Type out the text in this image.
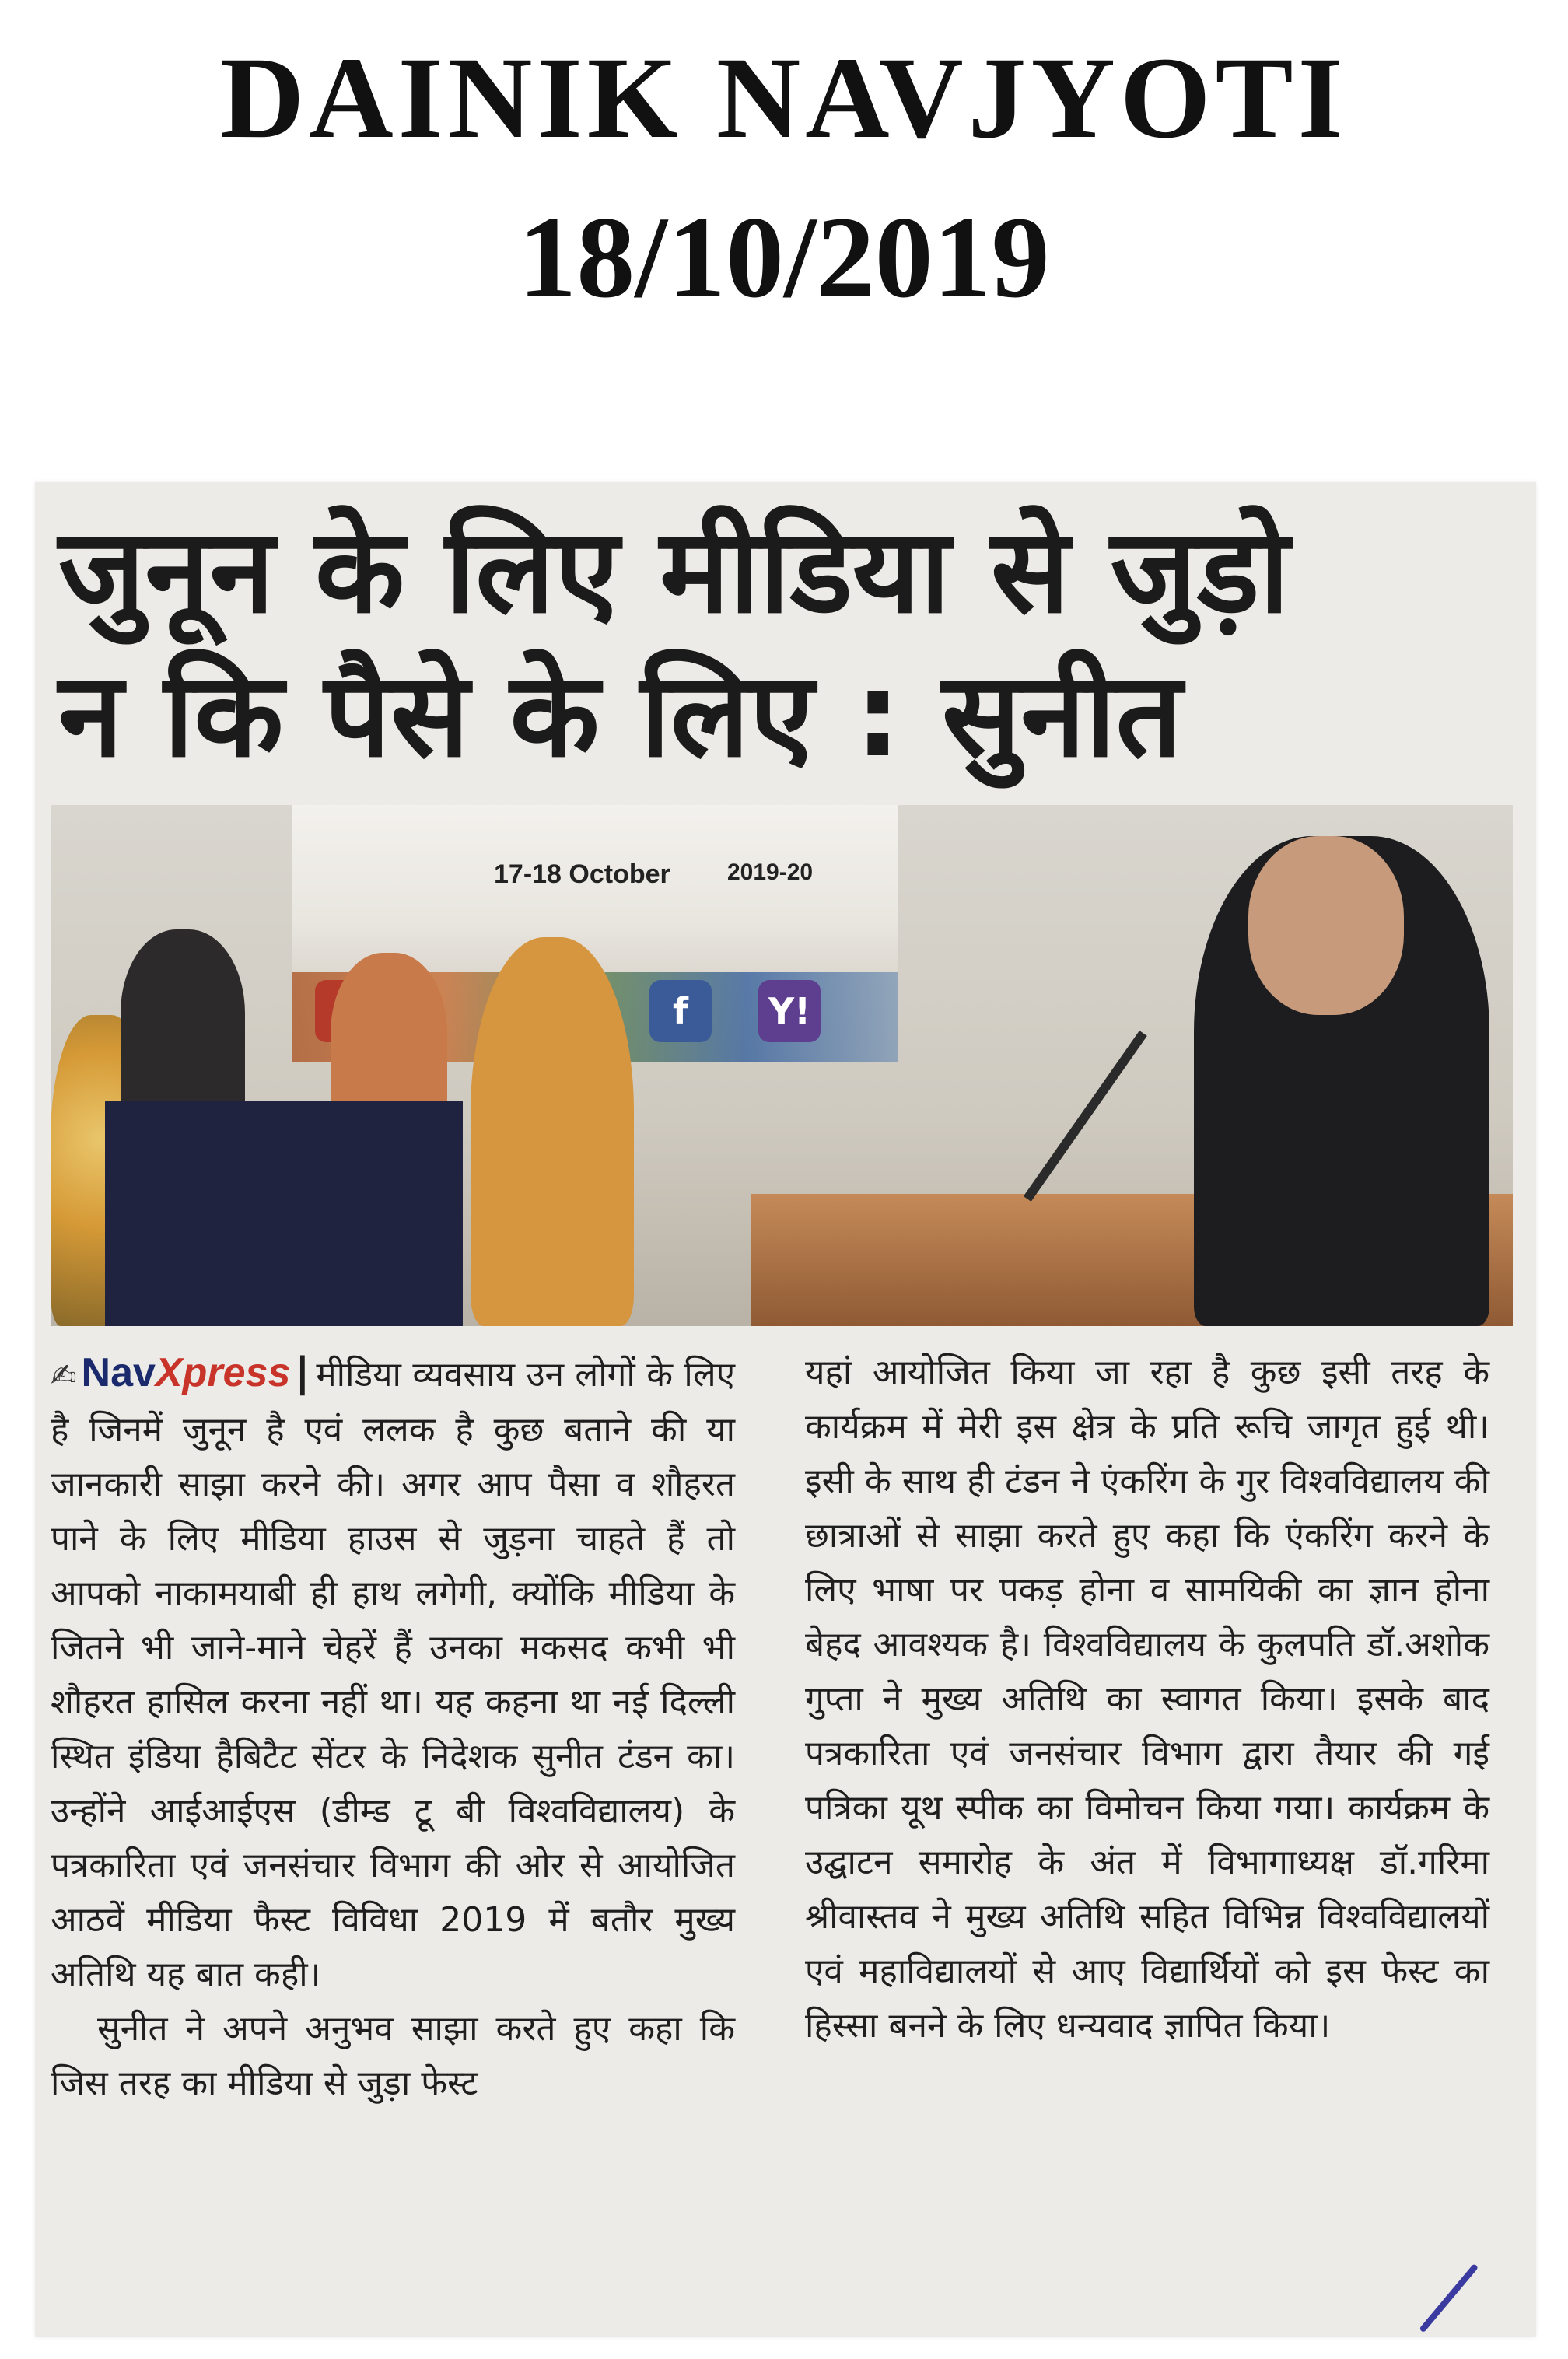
DAINIK NAVJYOTI
18/10/2019
जुनून के लिए मीडिया से जुड़ो
न कि पैसे के लिए : सुनीत
17-18 October 2019-20
f	Y!

✍ NavXpress | मीडिया व्यवसाय उन लोगों के लिए है जिनमें जुनून है एवं ललक है कुछ बताने की या जानकारी साझा करने की। अगर आप पैसा व शौहरत पाने के लिए मीडिया हाउस से जुड़ना चाहते हैं तो आपको नाकामयाबी ही हाथ लगेगी, क्योंकि मीडिया के जितने भी जाने-माने चेहरें हैं उनका मकसद कभी भी शौहरत हासिल करना नहीं था। यह कहना था नई दिल्ली स्थित इंडिया हैबिटैट सेंटर के निदेशक सुनीत टंडन का। उन्होंने आईआईएस (डीम्ड टू बी विश्वविद्यालय) के पत्रकारिता एवं जनसंचार विभाग की ओर से आयोजित आठवें मीडिया फैस्ट विविधा 2019 में बतौर मुख्य अतिथि यह बात कही।

सुनीत ने अपने अनुभव साझा करते हुए कहा कि जिस तरह का मीडिया से जुड़ा फेस्ट

यहां आयोजित किया जा रहा है कुछ इसी तरह के कार्यक्रम में मेरी इस क्षेत्र के प्रति रूचि जागृत हुई थी। इसी के साथ ही टंडन ने एंकरिंग के गुर विश्वविद्यालय की छात्राओं से साझा करते हुए कहा कि एंकरिंग करने के लिए भाषा पर पकड़ होना व सामयिकी का ज्ञान होना बेहद आवश्यक है। विश्वविद्यालय के कुलपति डॉ.अशोक गुप्ता ने मुख्य अतिथि का स्वागत किया। इसके बाद पत्रकारिता एवं जनसंचार विभाग द्वारा तैयार की गई पत्रिका यूथ स्पीक का विमोचन किया गया। कार्यक्रम के उद्घाटन समारोह के अंत में विभागाध्यक्ष डॉ.गरिमा श्रीवास्तव ने मुख्य अतिथि सहित विभिन्न विश्वविद्यालयों एवं महाविद्यालयों से आए विद्यार्थियों को इस फेस्ट का हिस्सा बनने के लिए धन्यवाद ज्ञापित किया।
